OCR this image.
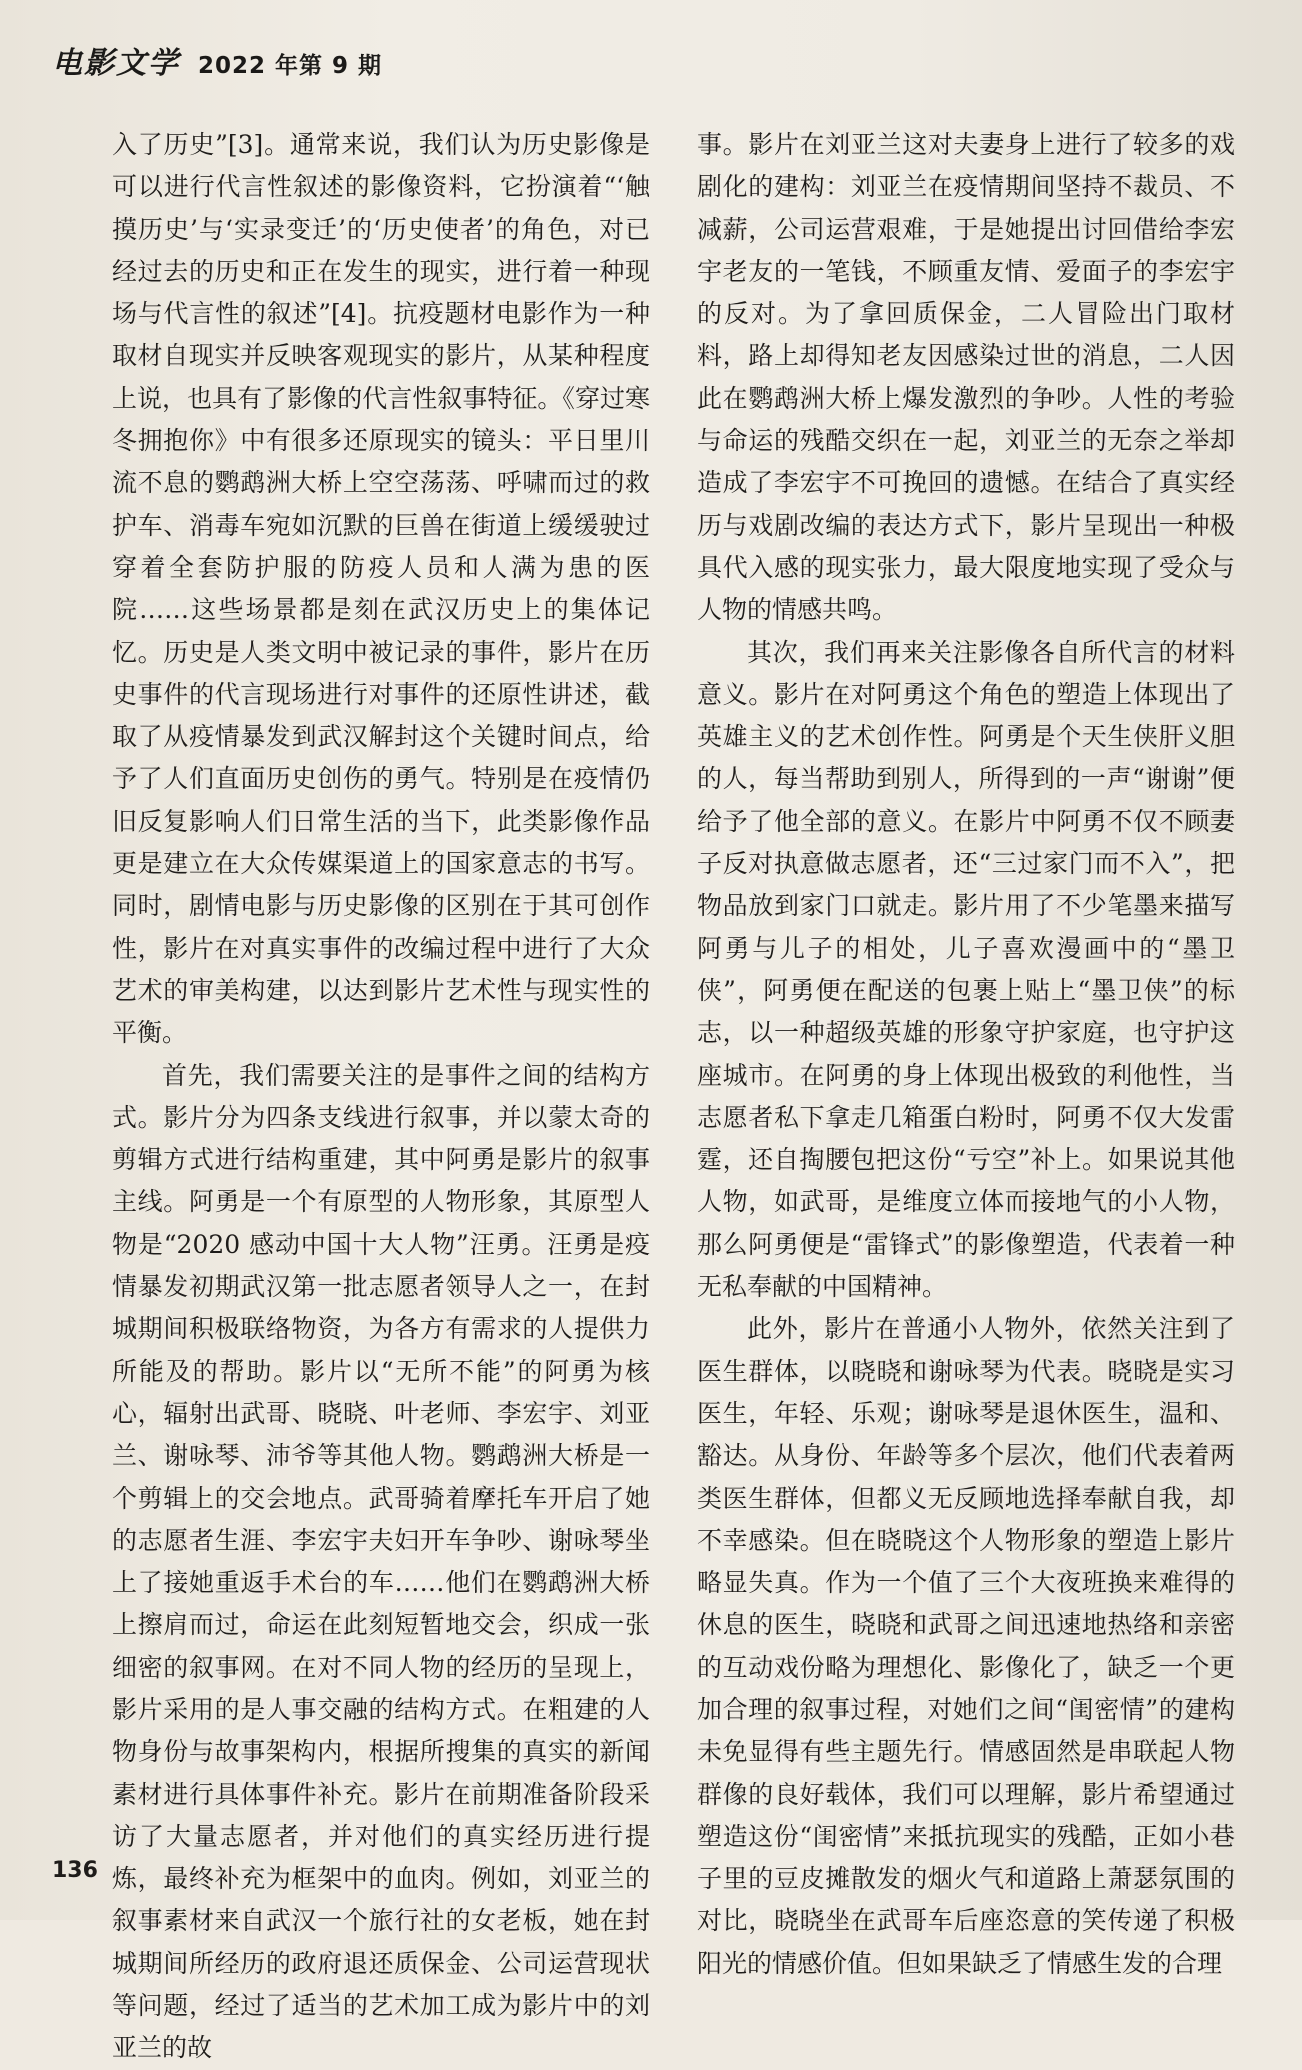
电影文学 2022 年第 9 期

入了历史”[3]。通常来说，我们认为历史影像是可以进行代言性叙述的影像资料，它扮演着“‘触摸历史’与‘实录变迁’的‘历史使者’的角色，对已经过去的历史和正在发生的现实，进行着一种现场与代言性的叙述”[4]。抗疫题材电影作为一种取材自现实并反映客观现实的影片，从某种程度上说，也具有了影像的代言性叙事特征。《穿过寒冬拥抱你》中有很多还原现实的镜头：平日里川流不息的鹦鹉洲大桥上空空荡荡、呼啸而过的救护车、消毒车宛如沉默的巨兽在街道上缓缓驶过穿着全套防护服的防疫人员和人满为患的医院……这些场景都是刻在武汉历史上的集体记忆。历史是人类文明中被记录的事件，影片在历史事件的代言现场进行对事件的还原性讲述，截取了从疫情暴发到武汉解封这个关键时间点，给予了人们直面历史创伤的勇气。特别是在疫情仍旧反复影响人们日常生活的当下，此类影像作品更是建立在大众传媒渠道上的国家意志的书写。同时，剧情电影与历史影像的区别在于其可创作性，影片在对真实事件的改编过程中进行了大众艺术的审美构建，以达到影片艺术性与现实性的平衡。

首先，我们需要关注的是事件之间的结构方式。影片分为四条支线进行叙事，并以蒙太奇的剪辑方式进行结构重建，其中阿勇是影片的叙事主线。阿勇是一个有原型的人物形象，其原型人物是“2020 感动中国十大人物”汪勇。汪勇是疫情暴发初期武汉第一批志愿者领导人之一，在封城期间积极联络物资，为各方有需求的人提供力所能及的帮助。影片以“无所不能”的阿勇为核心，辐射出武哥、晓晓、叶老师、李宏宇、刘亚兰、谢咏琴、沛爷等其他人物。鹦鹉洲大桥是一个剪辑上的交会地点。武哥骑着摩托车开启了她的志愿者生涯、李宏宇夫妇开车争吵、谢咏琴坐上了接她重返手术台的车……他们在鹦鹉洲大桥上擦肩而过，命运在此刻短暂地交会，织成一张细密的叙事网。在对不同人物的经历的呈现上，影片采用的是人事交融的结构方式。在粗建的人物身份与故事架构内，根据所搜集的真实的新闻素材进行具体事件补充。影片在前期准备阶段采访了大量志愿者，并对他们的真实经历进行提炼，最终补充为框架中的血肉。例如，刘亚兰的叙事素材来自武汉一个旅行社的女老板，她在封城期间所经历的政府退还质保金、公司运营现状等问题，经过了适当的艺术加工成为影片中的刘亚兰的故

事。影片在刘亚兰这对夫妻身上进行了较多的戏剧化的建构：刘亚兰在疫情期间坚持不裁员、不减薪，公司运营艰难，于是她提出讨回借给李宏宇老友的一笔钱，不顾重友情、爱面子的李宏宇的反对。为了拿回质保金，二人冒险出门取材料，路上却得知老友因感染过世的消息，二人因此在鹦鹉洲大桥上爆发激烈的争吵。人性的考验与命运的残酷交织在一起，刘亚兰的无奈之举却造成了李宏宇不可挽回的遗憾。在结合了真实经历与戏剧改编的表达方式下，影片呈现出一种极具代入感的现实张力，最大限度地实现了受众与人物的情感共鸣。

其次，我们再来关注影像各自所代言的材料意义。影片在对阿勇这个角色的塑造上体现出了英雄主义的艺术创作性。阿勇是个天生侠肝义胆的人，每当帮助到别人，所得到的一声“谢谢”便给予了他全部的意义。在影片中阿勇不仅不顾妻子反对执意做志愿者，还“三过家门而不入”，把物品放到家门口就走。影片用了不少笔墨来描写阿勇与儿子的相处，儿子喜欢漫画中的“墨卫侠”，阿勇便在配送的包裹上贴上“墨卫侠”的标志，以一种超级英雄的形象守护家庭，也守护这座城市。在阿勇的身上体现出极致的利他性，当志愿者私下拿走几箱蛋白粉时，阿勇不仅大发雷霆，还自掏腰包把这份“亏空”补上。如果说其他人物，如武哥，是维度立体而接地气的小人物，那么阿勇便是“雷锋式”的影像塑造，代表着一种无私奉献的中国精神。

此外，影片在普通小人物外，依然关注到了医生群体，以晓晓和谢咏琴为代表。晓晓是实习医生，年轻、乐观；谢咏琴是退休医生，温和、豁达。从身份、年龄等多个层次，他们代表着两类医生群体，但都义无反顾地选择奉献自我，却不幸感染。但在晓晓这个人物形象的塑造上影片略显失真。作为一个值了三个大夜班换来难得的休息的医生，晓晓和武哥之间迅速地热络和亲密的互动戏份略为理想化、影像化了，缺乏一个更加合理的叙事过程，对她们之间“闺密情”的建构未免显得有些主题先行。情感固然是串联起人物群像的良好载体，我们可以理解，影片希望通过塑造这份“闺密情”来抵抗现实的残酷，正如小巷子里的豆皮摊散发的烟火气和道路上萧瑟氛围的对比，晓晓坐在武哥车后座恣意的笑传递了积极阳光的情感价值。但如果缺乏了情感生发的合理

136
